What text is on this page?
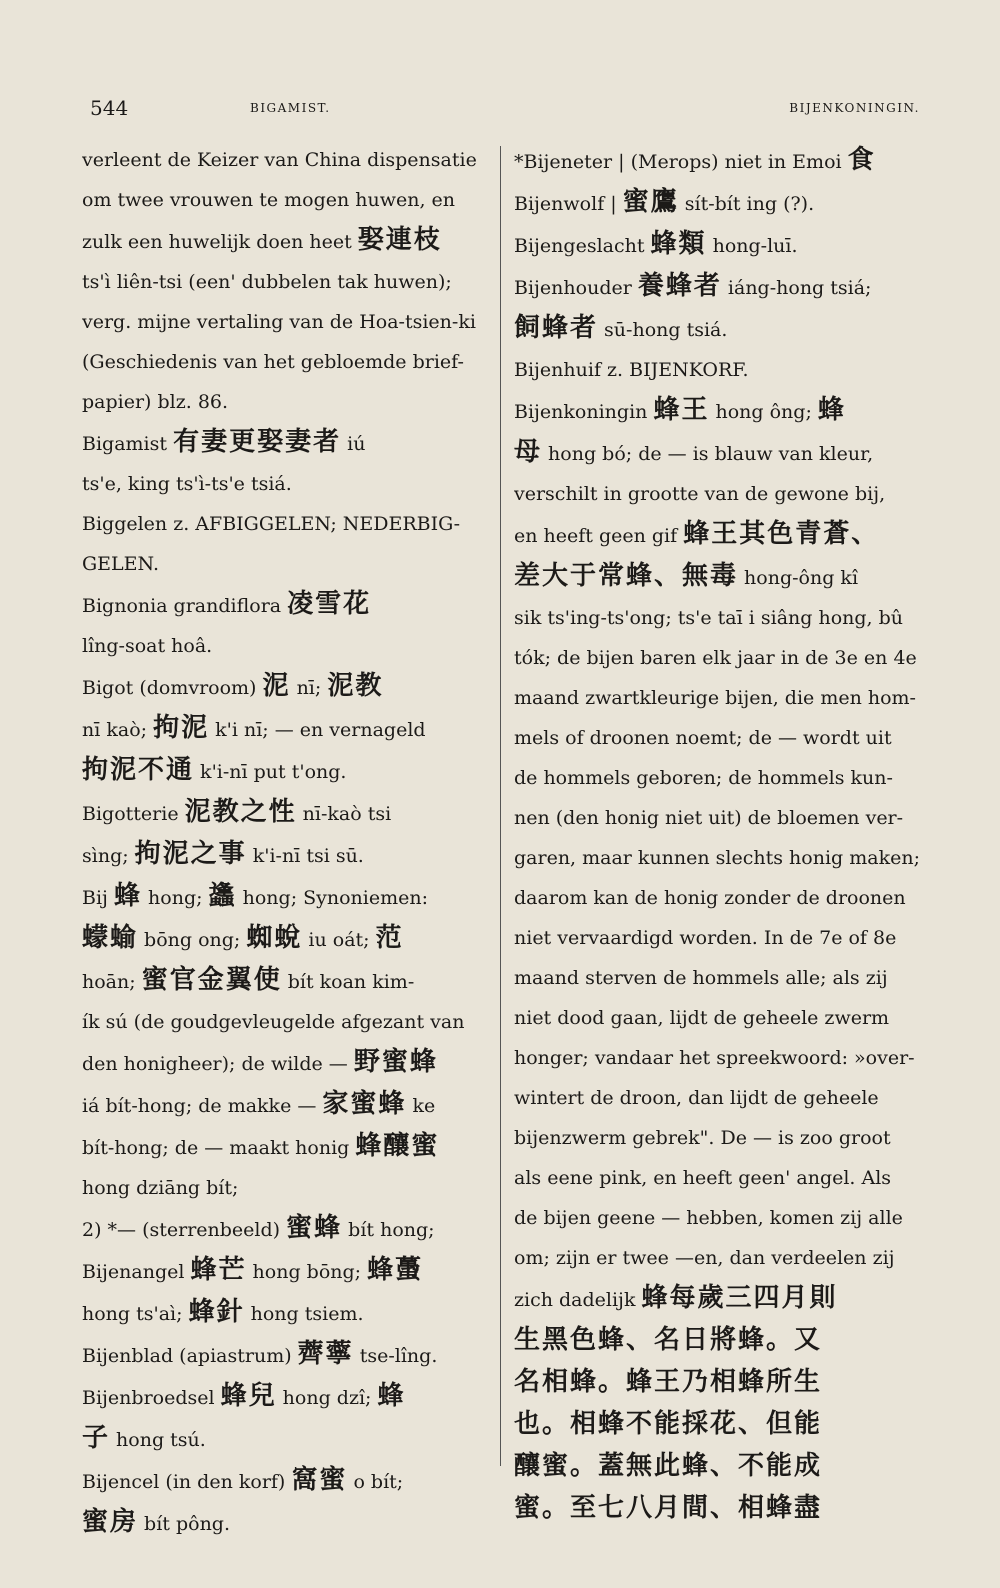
544	BIGAMIST.	BIJENKONINGIN.
verleent de Keizer van China dispensatie
om twee vrouwen te mogen huwen, en
zulk een huwelijk doen heet 娶連枝
ts'ì liên-tsi (een' dubbelen tak huwen);
verg. mijne vertaling van de Hoa-tsien-ki
(Geschiedenis van het gebloemde brief-
papier) blz. 86.
Bigamist 有妻更娶妻者 iú
ts'e, king ts'ì-ts'e tsiá.
Biggelen z. AFBIGGELEN; NEDERBIG-
GELEN.
Bignonia grandiflora 凌雪花
lîng-soat hoâ.
Bigot (domvroom) 泥 nī; 泥教
nī kaò; 拘泥 k'i nī; — en vernageld
拘泥不通 k'i-nī put t'ong.
Bigotterie 泥教之性 nī-kaò tsi
sìng; 拘泥之事 k'i-nī tsi sū.
Bij 蜂 hong; 蠭 hong; Synoniemen:
蠓蝓 bōng ong; 蜘蛻 iu oát; 范
hoān; 蜜官金翼使 bít koan kim-
ík sú (de goudgevleugelde afgezant van
den honigheer); de wilde — 野蜜蜂
iá bít-hong; de makke — 家蜜蜂 ke
bít-hong; de — maakt honig 蜂釀蜜
hong dziāng bít;
2) *— (sterrenbeeld) 蜜蜂 bít hong;
Bijenangel 蜂芒 hong bōng; 蜂蠆
hong ts'aì; 蜂針 hong tsiem.
Bijenblad (apiastrum) 薺薴 tse-lîng.
Bijenbroedsel 蜂兒 hong dzî; 蜂
子 hong tsú.
Bijencel (in den korf) 窩蜜 o bít;
蜜房 bít pông.
*Bijeneter | (Merops) niet in Emoi 食
Bijenwolf | 蜜鷹 sít-bít ing (?).
Bijengeslacht 蜂類 hong-luī.
Bijenhouder 養蜂者 iáng-hong tsiá;
飼蜂者 sū-hong tsiá.
Bijenhuif z. BIJENKORF.
Bijenkoningin 蜂王 hong ông; 蜂
母 hong bó; de — is blauw van kleur,
verschilt in grootte van de gewone bij,
en heeft geen gif 蜂王其色青蒼、
差大于常蜂、無毒 hong-ông kî
sik ts'ing-ts'ong; ts'e taī i siâng hong, bû
tók; de bijen baren elk jaar in de 3e en 4e
maand zwartkleurige bijen, die men hom-
mels of droonen noemt; de — wordt uit
de hommels geboren; de hommels kun-
nen (den honig niet uit) de bloemen ver-
garen, maar kunnen slechts honig maken;
daarom kan de honig zonder de droonen
niet vervaardigd worden. In de 7e of 8e
maand sterven de hommels alle; als zij
niet dood gaan, lijdt de geheele zwerm
honger; vandaar het spreekwoord: »over-
wintert de droon, dan lijdt de geheele
bijenzwerm gebrek". De — is zoo groot
als eene pink, en heeft geen' angel. Als
de bijen geene — hebben, komen zij alle
om; zijn er twee —en, dan verdeelen zij
zich dadelijk 蜂每歲三四月則
生黑色蜂、名日將蜂。又
名相蜂。蜂王乃相蜂所生
也。相蜂不能採花、但能
釀蜜。蓋無此蜂、不能成
蜜。至七八月間、相蜂盡
